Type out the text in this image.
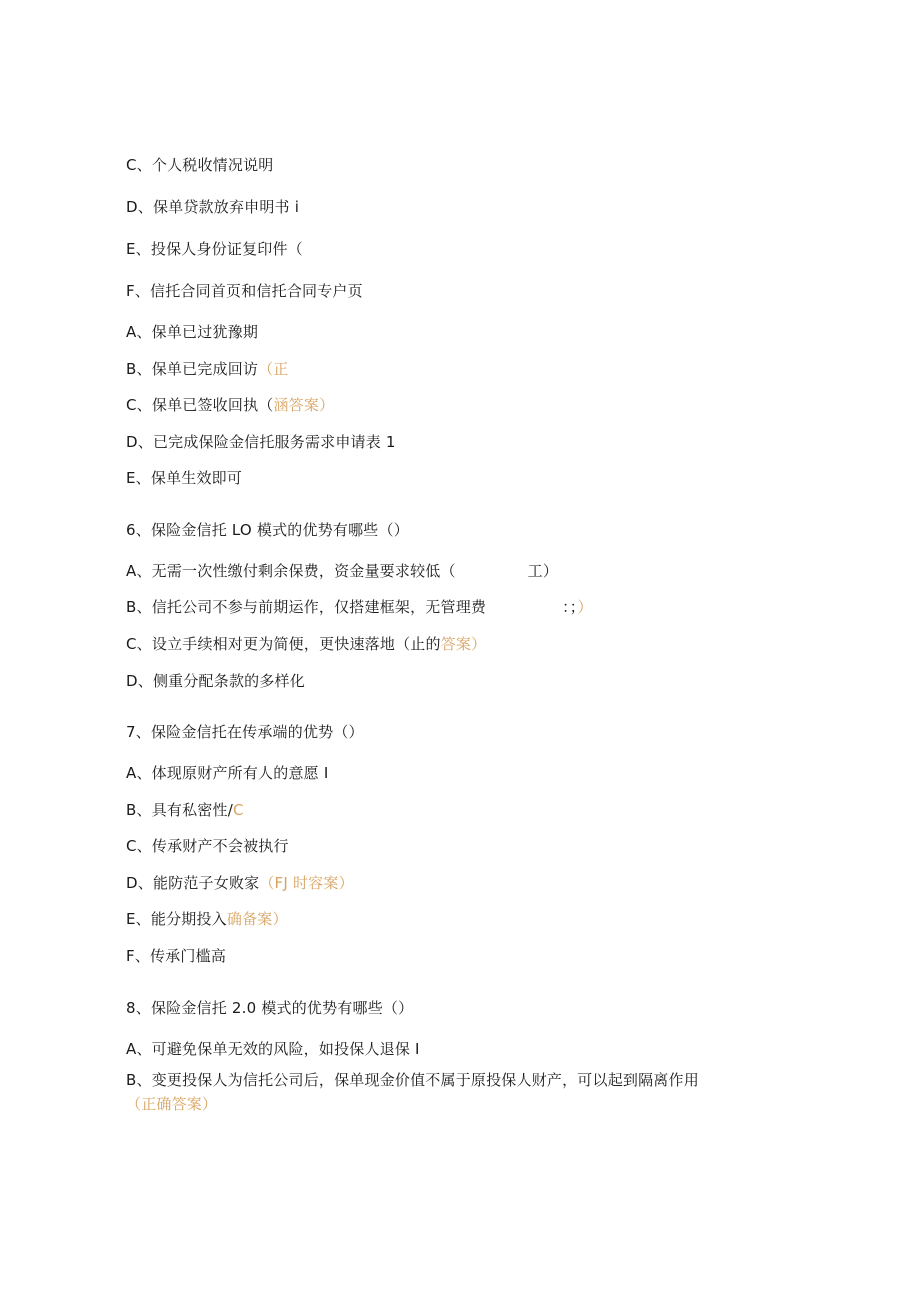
C、个人税收情况说明
D、保单贷款放弃申明书 i
E、投保人身份证复印件（
F、信托合同首页和信托合同专户页
A、保单已过犹豫期
B、保单已完成回访（正
C、保单已签收回执（涵答案）
D、已完成保险金信托服务需求申请表 1
E、保单生效即可
6、保险金信托 LO 模式的优势有哪些（）
A、无需一次性缴付剩余保费，资金量要求较低（	工）
B、信托公司不参与前期运作，仅搭建框架，无管理费	：；）
C、设立手续相对更为简便，更快速落地（止的答案）
D、侧重分配条款的多样化
7、保险金信托在传承端的优势（）
A、体现原财产所有人的意愿 I
B、具有私密性/C
C、传承财产不会被执行
D、能防范子女败家（FJ 时容案）
E、能分期投入确备案）
F、传承门槛高
8、保险金信托 2.0 模式的优势有哪些（）
A、可避免保单无效的风险，如投保人退保 I
B、变更投保人为信托公司后，保单现金价值不属于原投保人财产，可以起到隔离作用
（正确答案）
